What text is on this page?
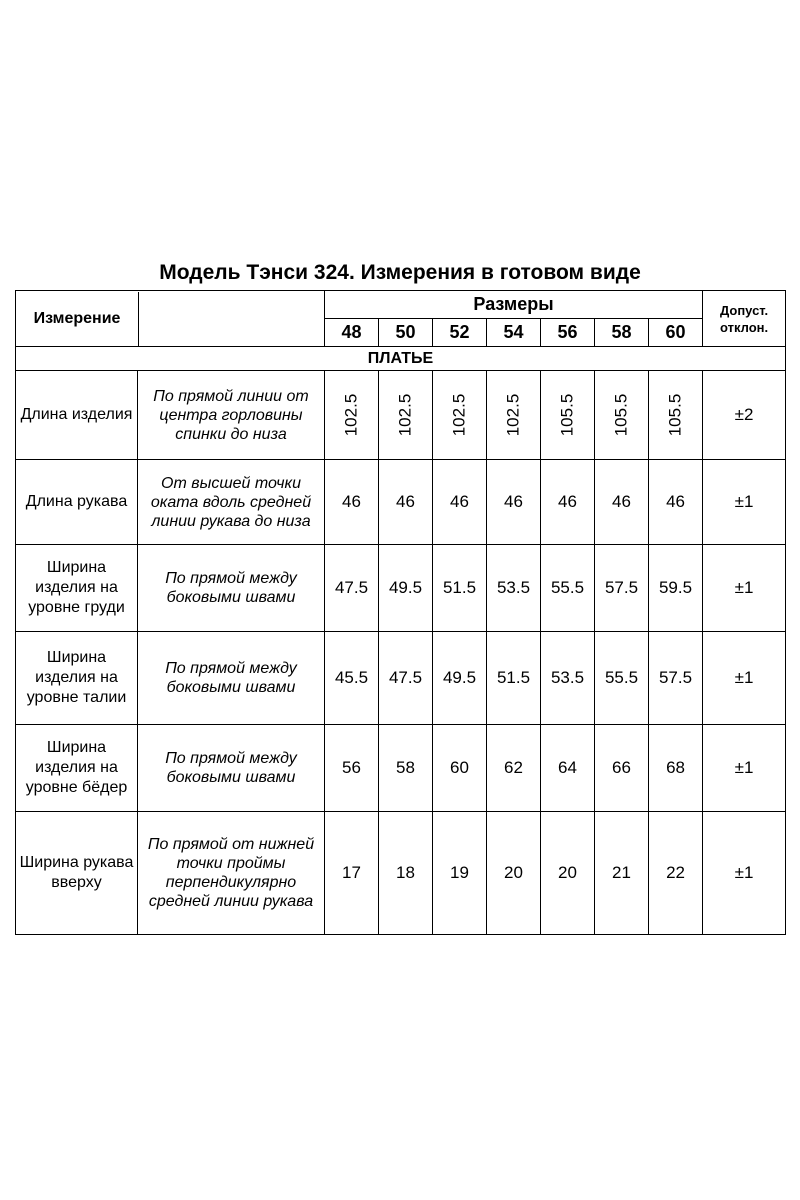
Модель Тэнси 324. Измерения в готовом виде
Измерение		Размеры							Допуст. отклон.
		48	50	52	54	56	58	60	
ПЛАТЬЕ									
Длина изделия	По прямой линии от центра горловины спинки до низа	102.5	102.5	102.5	102.5	105.5	105.5	105.5	±2
Длина рукава	От высшей точки оката вдоль средней линии рукава до низа	46	46	46	46	46	46	46	±1
Ширина изделия на уровне груди	По прямой между боковыми швами	47.5	49.5	51.5	53.5	55.5	57.5	59.5	±1
Ширина изделия на уровне талии	По прямой между боковыми швами	45.5	47.5	49.5	51.5	53.5	55.5	57.5	±1
Ширина изделия на уровне бёдер	По прямой между боковыми швами	56	58	60	62	64	66	68	±1
Ширина рукава вверху	По прямой от нижней точки проймы перпендикулярно средней линии рукава	17	18	19	20	20	21	22	±1
